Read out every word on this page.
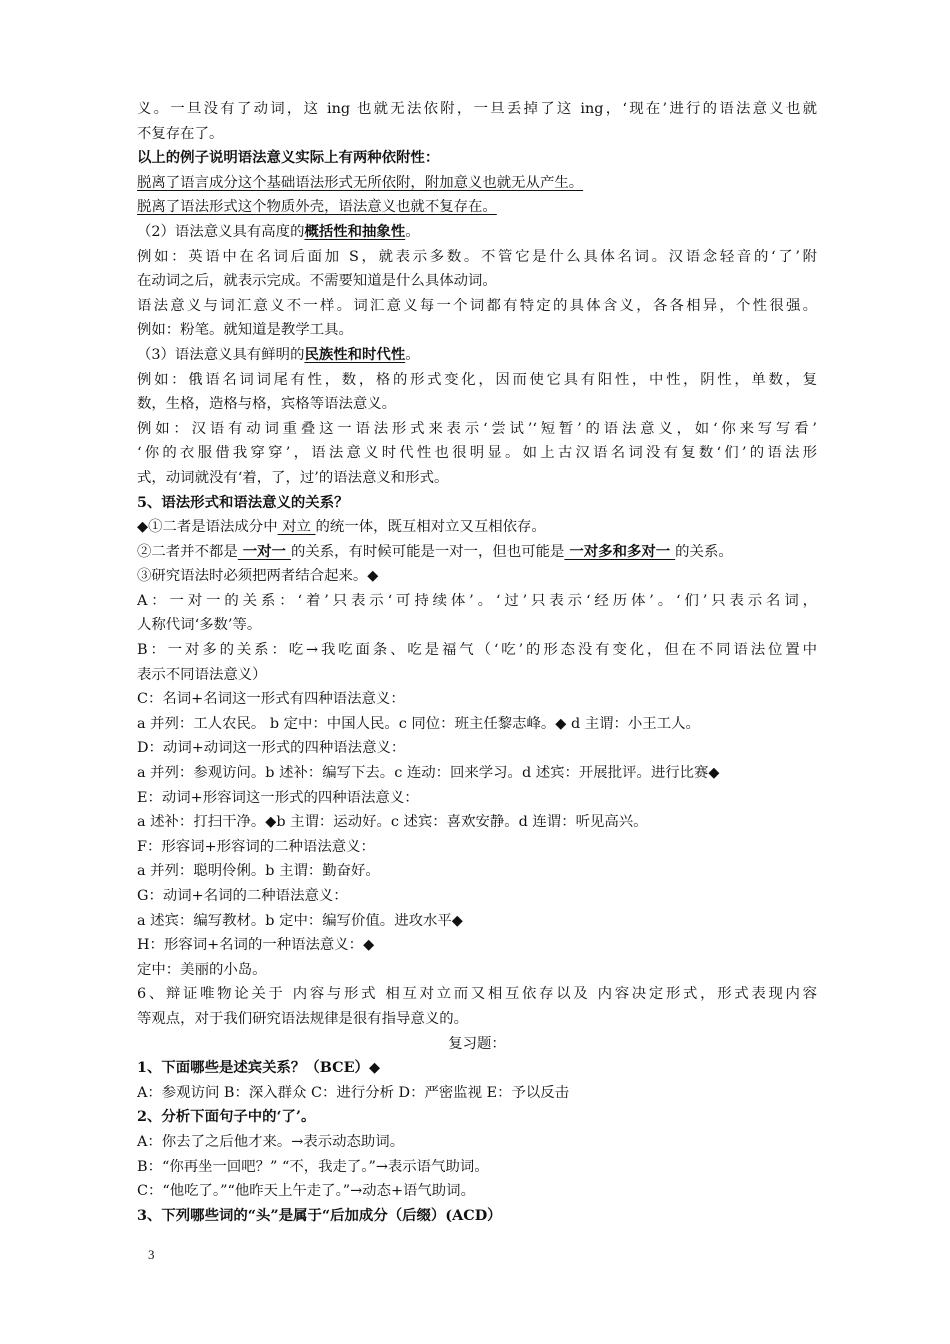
义。一旦没有了动词，这 ing 也就无法依附，一旦丢掉了这 ing，‘现在’进行的语法意义也就
不复存在了。
以上的例子说明语法意义实际上有两种依附性：
脱离了语言成分这个基础语法形式无所依附，附加意义也就无从产生。
脱离了语法形式这个物质外壳，语法意义也就不复存在。
（2）语法意义具有高度的概括性和抽象性。
例如：英语中在名词后面加 S，就表示多数。不管它是什么具体名词。汉语念轻音的‘了’附
在动词之后，就表示完成。不需要知道是什么具体动词。
语法意义与词汇意义不一样。词汇意义每一个词都有特定的具体含义，各各相异，个性很强。
例如：粉笔。就知道是教学工具。
（3）语法意义具有鲜明的民族性和时代性。
例如：俄语名词词尾有性，数，格的形式变化，因而使它具有阳性，中性，阴性，单数，复
数，生格，造格与格，宾格等语法意义。
例如：汉语有动词重叠这一语法形式来表示‘尝试’‘短暂’的语法意义，如‘你来写写看’
‘你的衣服借我穿穿’，语法意义时代性也很明显。如上古汉语名词没有复数‘们’的语法形
式，动词就没有‘着，了，过’的语法意义和形式。
5、语法形式和语法意义的关系？
◆①二者是语法成分中 对立 的统一体，既互相对立又互相依存。
②二者并不都是 一对一 的关系，有时候可能是一对一，但也可能是 一对多和多对一 的关系。
③研究语法时必须把两者结合起来。◆
A：一对一的关系：‘着’只表示‘可持续体’。‘过’只表示‘经历体’。‘们’只表示名词，
人称代词‘多数’等。
B：一对多的关系：吃→我吃面条、吃是福气（‘吃’的形态没有变化，但在不同语法位置中
表示不同语法意义）
C：名词+名词这一形式有四种语法意义：
a 并列：工人农民。 b 定中：中国人民。c 同位：班主任黎志峰。◆ d 主谓：小王工人。
D：动词+动词这一形式的四种语法意义：
a 并列：参观访问。b 述补：编写下去。c 连动：回来学习。d 述宾：开展批评。进行比赛◆
E：动词+形容词这一形式的四种语法意义：
a 述补：打扫干净。◆b 主谓：运动好。c 述宾：喜欢安静。d 连谓：听见高兴。
F：形容词+形容词的二种语法意义：
a 并列：聪明伶俐。b 主谓：勤奋好。
G：动词+名词的二种语法意义：
a 述宾：编写教材。b 定中：编写价值。进攻水平◆
H：形容词+名词的一种语法意义：◆
定中：美丽的小岛。
6、辩证唯物论关于 内容与形式 相互对立而又相互依存以及 内容决定形式，形式表现内容
等观点，对于我们研究语法规律是很有指导意义的。
复习题：
1、下面哪些是述宾关系？（BCE）◆
A：参观访问 B：深入群众 C：进行分析 D：严密监视 E：予以反击
2、分析下面句子中的‘了’。
A：你去了之后他才来。→表示动态助词。
B：“你再坐一回吧？” “不，我走了。”→表示语气助词。
C：“他吃了。”“他昨天上午走了。”→动态+语气助词。
3、下列哪些词的“头”是属于“后加成分（后缀）(ACD）
3
